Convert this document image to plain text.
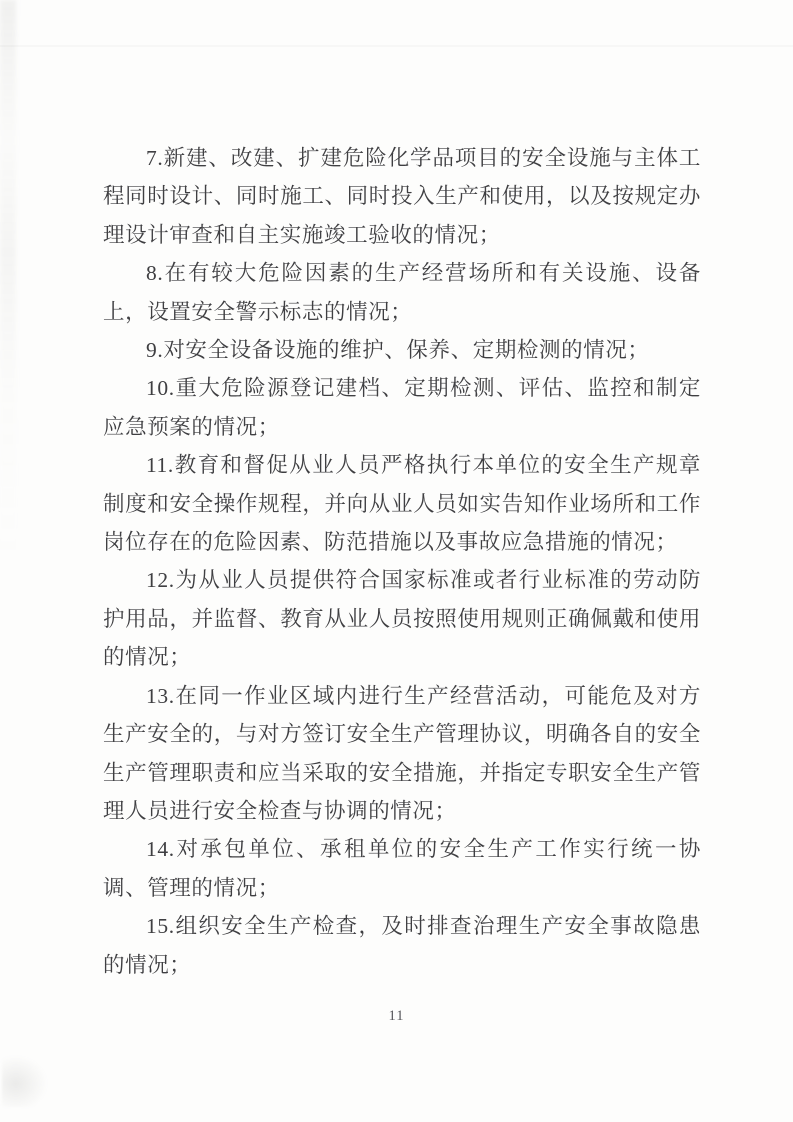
7.新建、改建、扩建危险化学品项目的安全设施与主体工程同时设计、同时施工、同时投入生产和使用，以及按规定办理设计审查和自主实施竣工验收的情况；

8.在有较大危险因素的生产经营场所和有关设施、设备上，设置安全警示标志的情况；

9.对安全设备设施的维护、保养、定期检测的情况；

10.重大危险源登记建档、定期检测、评估、监控和制定应急预案的情况；

11.教育和督促从业人员严格执行本单位的安全生产规章制度和安全操作规程，并向从业人员如实告知作业场所和工作岗位存在的危险因素、防范措施以及事故应急措施的情况；

12.为从业人员提供符合国家标准或者行业标准的劳动防护用品，并监督、教育从业人员按照使用规则正确佩戴和使用的情况；

13.在同一作业区域内进行生产经营活动，可能危及对方生产安全的，与对方签订安全生产管理协议，明确各自的安全生产管理职责和应当采取的安全措施，并指定专职安全生产管理人员进行安全检查与协调的情况；

14.对承包单位、承租单位的安全生产工作实行统一协调、管理的情况；

15.组织安全生产检查，及时排查治理生产安全事故隐患的情况；

11
